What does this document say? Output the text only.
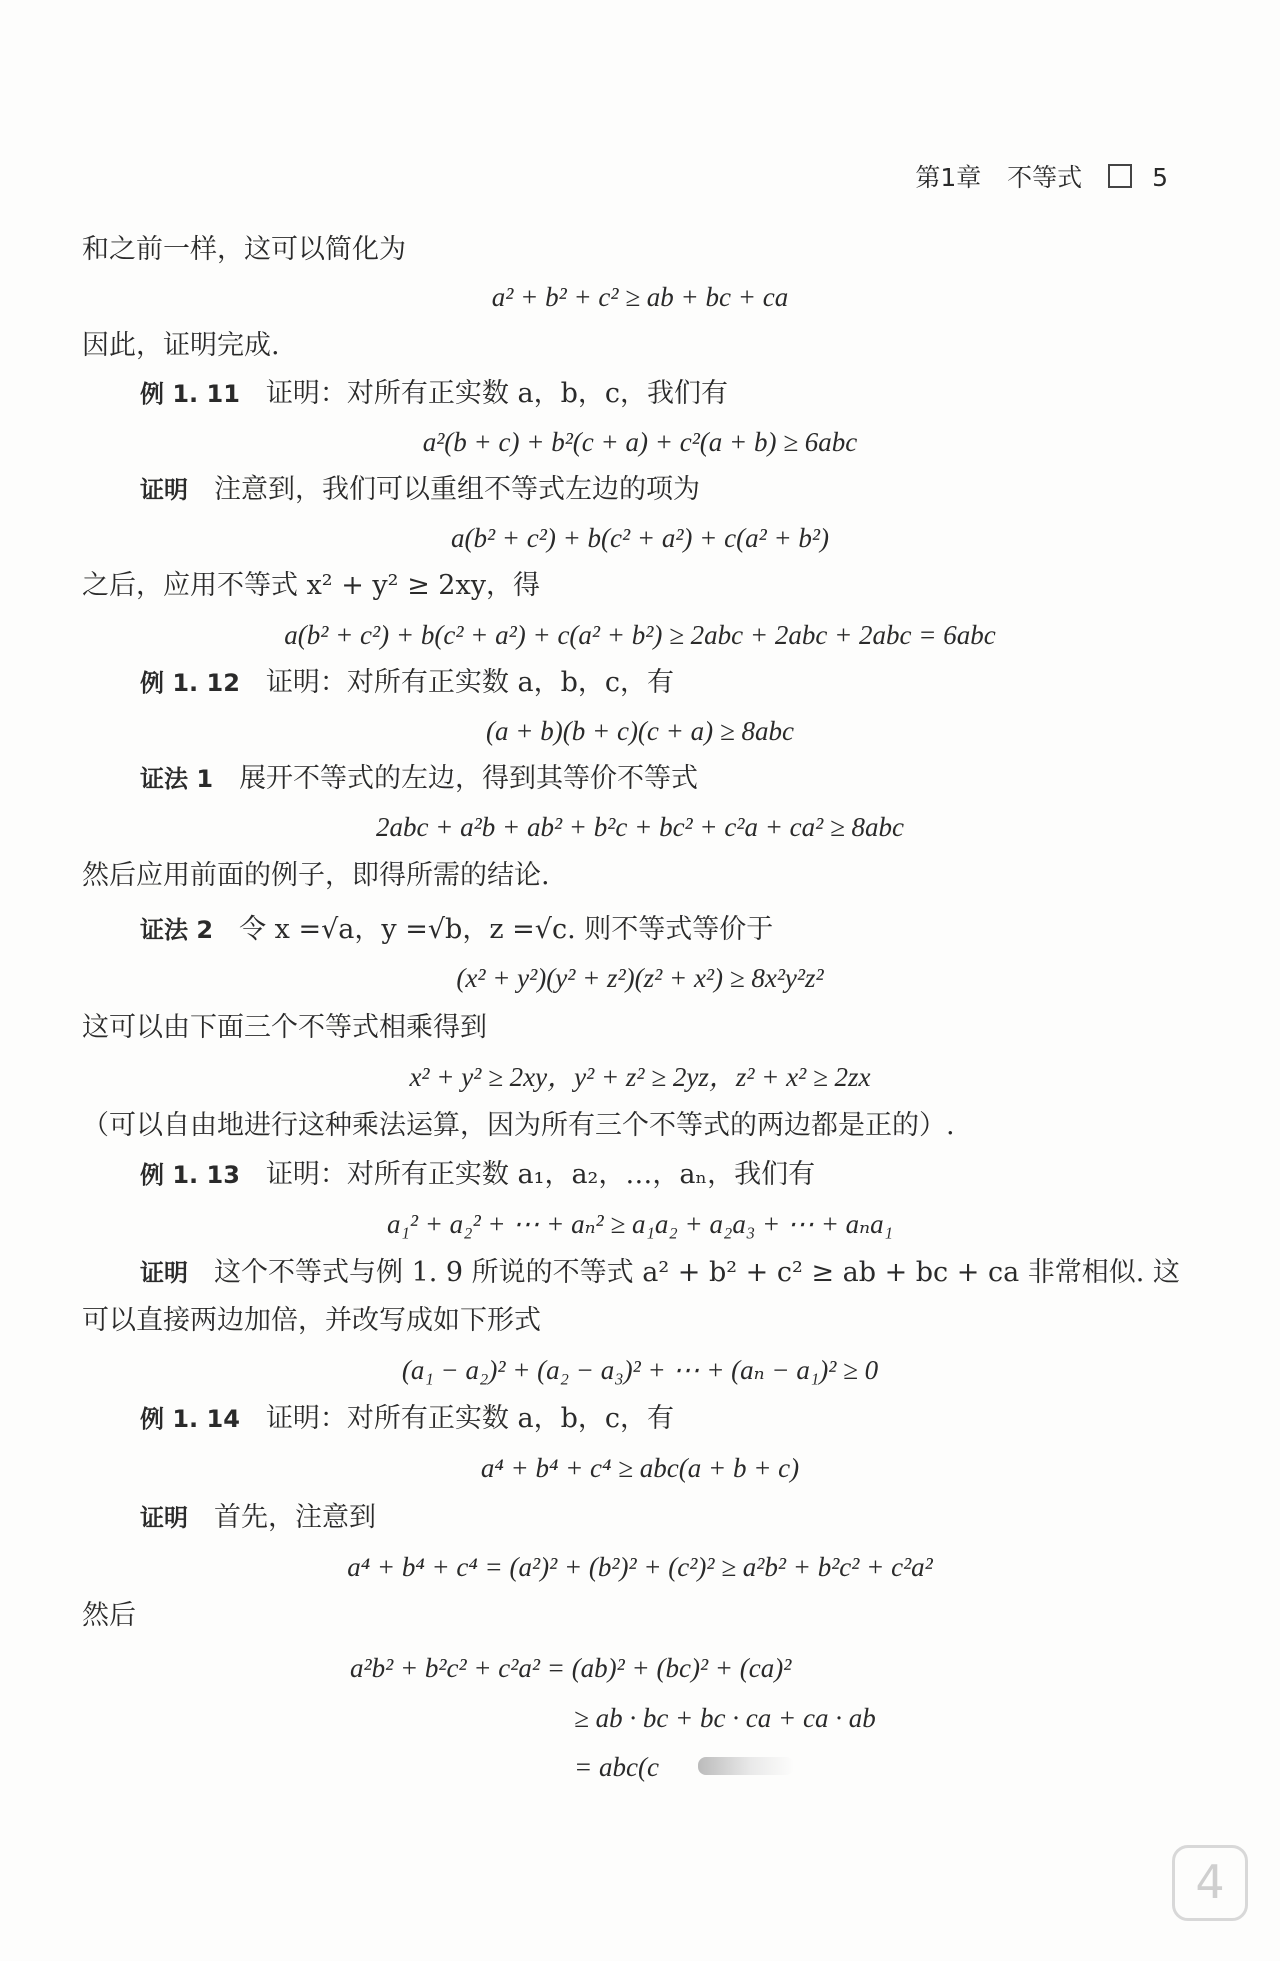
第1章 不等式	5
和之前一样，这可以简化为
a² + b² + c² ≥ ab + bc + ca
因此，证明完成.
例 1. 11 证明：对所有正实数 a，b，c，我们有
a²(b + c) + b²(c + a) + c²(a + b) ≥ 6abc
证明 注意到，我们可以重组不等式左边的项为
a(b² + c²) + b(c² + a²) + c(a² + b²)
之后，应用不等式 x² + y² ≥ 2xy，得
a(b² + c²) + b(c² + a²) + c(a² + b²) ≥ 2abc + 2abc + 2abc = 6abc
例 1. 12 证明：对所有正实数 a，b，c，有
(a + b)(b + c)(c + a) ≥ 8abc
证法 1 展开不等式的左边，得到其等价不等式
2abc + a²b + ab² + b²c + bc² + c²a + ca² ≥ 8abc
然后应用前面的例子，即得所需的结论.
证法 2 令 x =√a，y =√b，z =√c. 则不等式等价于
(x² + y²)(y² + z²)(z² + x²) ≥ 8x²y²z²
这可以由下面三个不等式相乘得到
x² + y² ≥ 2xy，y² + z² ≥ 2yz，z² + x² ≥ 2zx
（可以自由地进行这种乘法运算，因为所有三个不等式的两边都是正的）.
例 1. 13 证明：对所有正实数 a₁，a₂，…，aₙ，我们有
a₁² + a₂² + ⋯ + aₙ² ≥ a₁a₂ + a₂a₃ + ⋯ + aₙa₁
证明 这个不等式与例 1. 9 所说的不等式 a² + b² + c² ≥ ab + bc + ca 非常相似. 这
可以直接两边加倍，并改写成如下形式
(a₁ − a₂)² + (a₂ − a₃)² + ⋯ + (aₙ − a₁)² ≥ 0
例 1. 14 证明：对所有正实数 a，b，c，有
a⁴ + b⁴ + c⁴ ≥ abc(a + b + c)
证明 首先，注意到
a⁴ + b⁴ + c⁴ = (a²)² + (b²)² + (c²)² ≥ a²b² + b²c² + c²a²
然后
a²b² + b²c² + c²a² = (ab)² + (bc)² + (ca)²
≥ ab · bc + bc · ca + ca · ab
= abc(c
4
